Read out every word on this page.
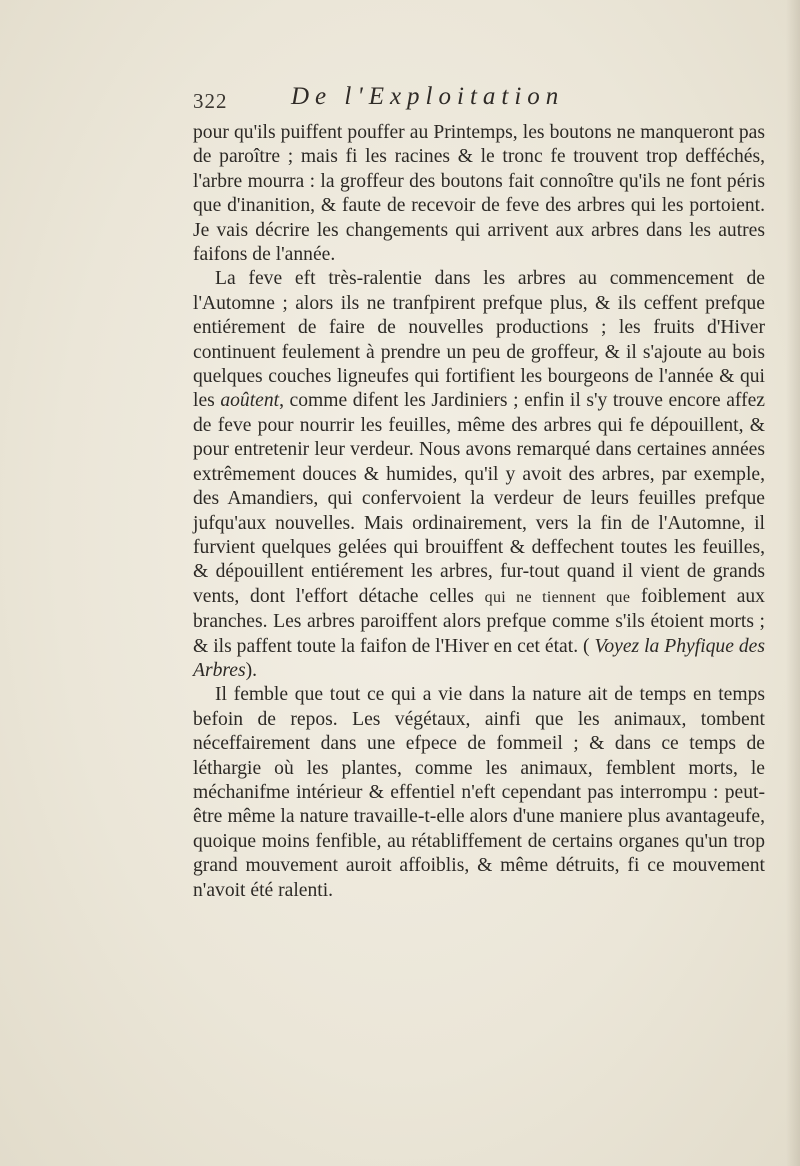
322	De l'Exploitation

pour qu'ils puiffent pouffer au Printemps, les boutons ne manqueront pas de paroître ; mais fi les racines & le tronc fe trouvent trop defféchés, l'arbre mourra : la groffeur des boutons fait connoître qu'ils ne font péris que d'inanition, & faute de recevoir de feve des arbres qui les portoient. Je vais décrire les changements qui arrivent aux arbres dans les autres faifons de l'année.

La feve eft très-ralentie dans les arbres au commencement de l'Automne ; alors ils ne tranfpirent prefque plus, & ils ceffent prefque entiérement de faire de nouvelles productions ; les fruits d'Hiver continuent feulement à prendre un peu de groffeur, & il s'ajoute au bois quelques couches ligneufes qui fortifient les bourgeons de l'année & qui les aoûtent, comme difent les Jardiniers ; enfin il s'y trouve encore affez de feve pour nourrir les feuilles, même des arbres qui fe dépouillent, & pour entretenir leur verdeur. Nous avons remarqué dans certaines années extrêmement douces & humides, qu'il y avoit des arbres, par exemple, des Amandiers, qui confervoient la verdeur de leurs feuilles prefque jufqu'aux nouvelles. Mais ordinairement, vers la fin de l'Automne, il furvient quelques gelées qui brouiffent & deffechent toutes les feuilles, & dépouillent entiérement les arbres, fur-tout quand il vient de grands vents, dont l'effort détache celles qui ne tiennent que foiblement aux branches. Les arbres paroiffent alors prefque comme s'ils étoient morts ; & ils paffent toute la faifon de l'Hiver en cet état. ( Voyez la Phyfique des Arbres).

Il femble que tout ce qui a vie dans la nature ait de temps en temps befoin de repos. Les végétaux, ainfi que les animaux, tombent néceffairement dans une efpece de fommeil ; & dans ce temps de léthargie où les plantes, comme les animaux, femblent morts, le méchanifme intérieur & effentiel n'eft cependant pas interrompu : peut-être même la nature travaille-t-elle alors d'une maniere plus avantageufe, quoique moins fenfible, au rétabliffement de certains organes qu'un trop grand mouvement auroit affoiblis, & même détruits, fi ce mouvement n'avoit été ralenti.
